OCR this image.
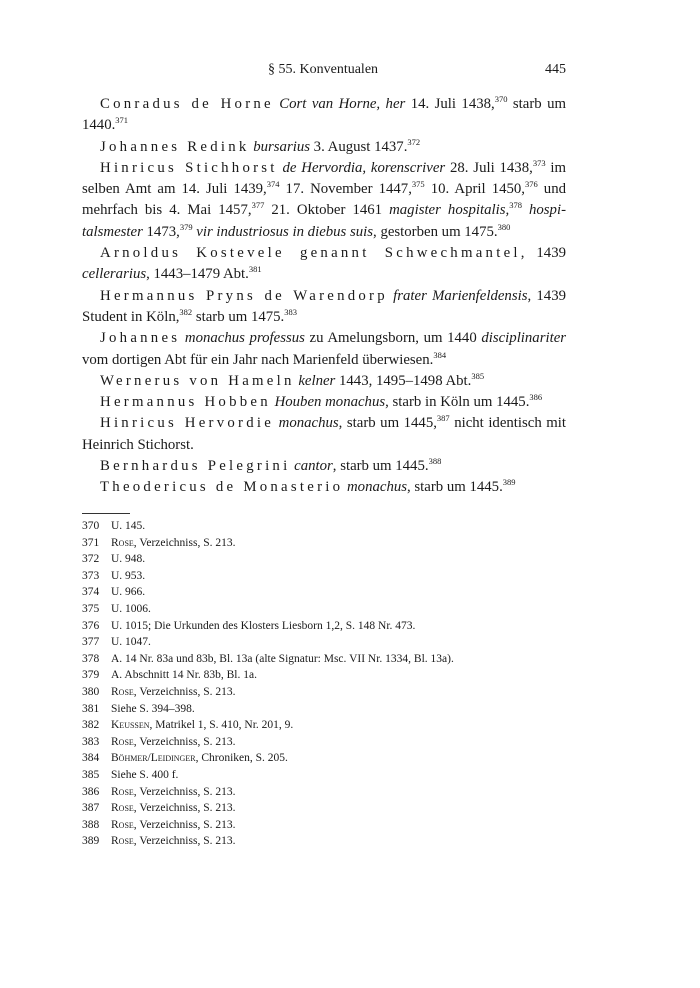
§ 55. Konventualen	445

Conradus de Horne Cort van Horne, her 14. Juli 1438,$^{370}$ starb um 1440.$^{371}$

Johannes Redink bursarius 3. August 1437.$^{372}$

Hinricus Stichhorst de Hervordia, korenscriver 28. Juli 1438,$^{373}$ im selben Amt am 14. Juli 1439,$^{374}$ 17. November 1447,$^{375}$ 10. April 1450,$^{376}$ und mehrfach bis 4. Mai 1457,$^{377}$ 21. Oktober 1461 magister hospitalis,$^{378}$ hospitalsmester 1473,$^{379}$ vir industriosus in diebus suis, gestorben um 1475.$^{380}$

Arnoldus Kostevele genannt Schwechmantel, 1439 cellerarius, 1443–1479 Abt.$^{381}$

Hermannus Pryns de Warendorp frater Marienfeldensis, 1439 Student in Köln,$^{382}$ starb um 1475.$^{383}$

Johannes monachus professus zu Amelungsborn, um 1440 disciplinariter vom dortigen Abt für ein Jahr nach Marienfeld überwiesen.$^{384}$

Wernerus von Hameln kelner 1443, 1495–1498 Abt.$^{385}$

Hermannus Hobben Houben monachus, starb in Köln um 1445.$^{386}$

Hinricus Hervordie monachus, starb um 1445,$^{387}$ nicht identisch mit Heinrich Stichorst.

Bernhardus Pelegrini cantor, starb um 1445.$^{388}$

Theodericus de Monasterio monachus, starb um 1445.$^{389}$

370 U. 145.
371 Rose, Verzeichniss, S. 213.
372 U. 948.
373 U. 953.
374 U. 966.
375 U. 1006.
376 U. 1015; Die Urkunden des Klosters Liesborn 1,2, S. 148 Nr. 473.
377 U. 1047.
378 A. 14 Nr. 83a und 83b, Bl. 13a (alte Signatur: Msc. VII Nr. 1334, Bl. 13a).
379 A. Abschnitt 14 Nr. 83b, Bl. 1a.
380 Rose, Verzeichniss, S. 213.
381 Siehe S. 394–398.
382 Keussen, Matrikel 1, S. 410, Nr. 201, 9.
383 Rose, Verzeichniss, S. 213.
384 Böhmer/Leidinger, Chroniken, S. 205.
385 Siehe S. 400 f.
386 Rose, Verzeichniss, S. 213.
387 Rose, Verzeichniss, S. 213.
388 Rose, Verzeichniss, S. 213.
389 Rose, Verzeichniss, S. 213.
